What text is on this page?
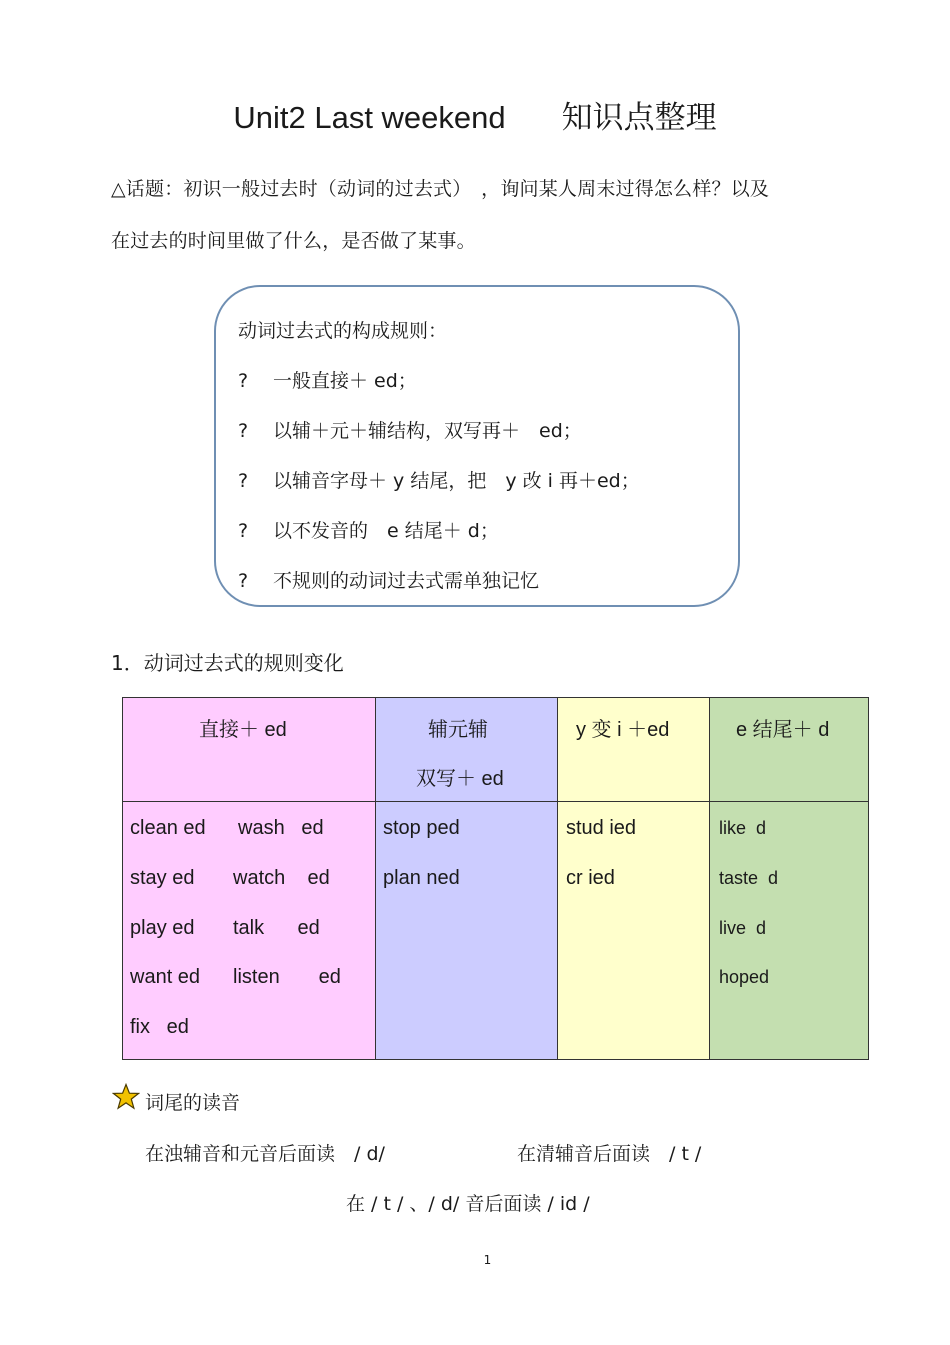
Unit2 Last weekend 知识点整理
△话题：初识一般过去时（动词的过去式）　，询问某人周末过得怎么样？以及
在过去的时间里做了什么，是否做了某事。
动词过去式的构成规则：
? 一般直接＋ ed；
? 以辅＋元＋辅结构，双写再＋　ed；
? 以辅音字母＋ y 结尾，把　y 改 i 再＋ed；
? 以不发音的　e 结尾＋ d；
? 不规则的动词过去式需单独记忆
1．动词过去式的规则变化
直接＋ ed
clean ed
stay ed
play ed
want ed
fix   ed
wash   ed
watch    ed
talk      ed
listen       ed
辅元辅
双写＋ ed
stop ped
plan ned
y 变 i ＋ed
stud ied
cr ied
e 结尾＋ d
like  d
taste  d
live  d
hoped
词尾的读音
在浊辅音和元音后面读　/ d/	在清辅音后面读　/ t /
在 / t / 、/ d/ 音后面读 / id /
1
